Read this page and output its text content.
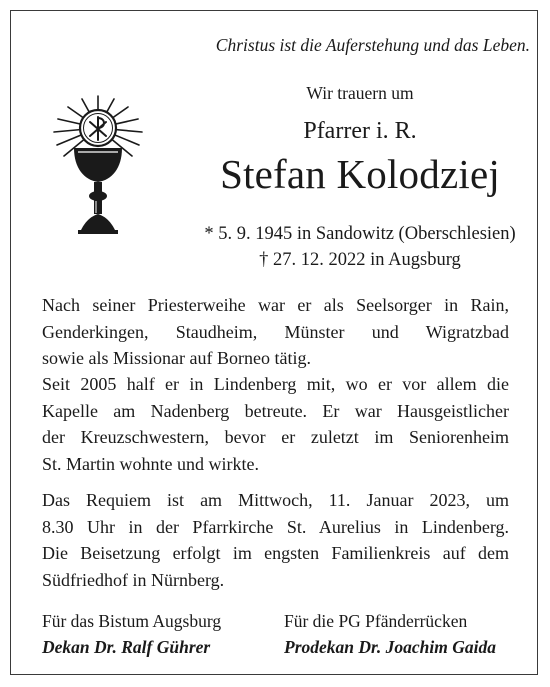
Christus ist die Auferstehung und das Leben.
Wir trauern um
Pfarrer i. R.
Stefan Kolodziej
* 5. 9. 1945 in Sandowitz (Oberschlesien)
† 27. 12. 2022 in Augsburg
Nach seiner Priesterweihe war er als Seelsorger in Rain,
Genderkingen, Staudheim, Münster und Wigratzbad
sowie als Missionar auf Borneo tätig.
Seit 2005 half er in Lindenberg mit, wo er vor allem die
Kapelle am Nadenberg betreute. Er war Hausgeistlicher
der Kreuzschwestern, bevor er zuletzt im Seniorenheim
St. Martin wohnte und wirkte.
Das Requiem ist am Mittwoch, 11. Januar 2023, um
8.30 Uhr in der Pfarrkirche St. Aurelius in Lindenberg.
Die Beisetzung erfolgt im engsten Familienkreis auf dem
Südfriedhof in Nürnberg.
Für das Bistum Augsburg
Dekan Dr. Ralf Gührer
Für die PG Pfänderrücken
Prodekan Dr. Joachim Gaida
